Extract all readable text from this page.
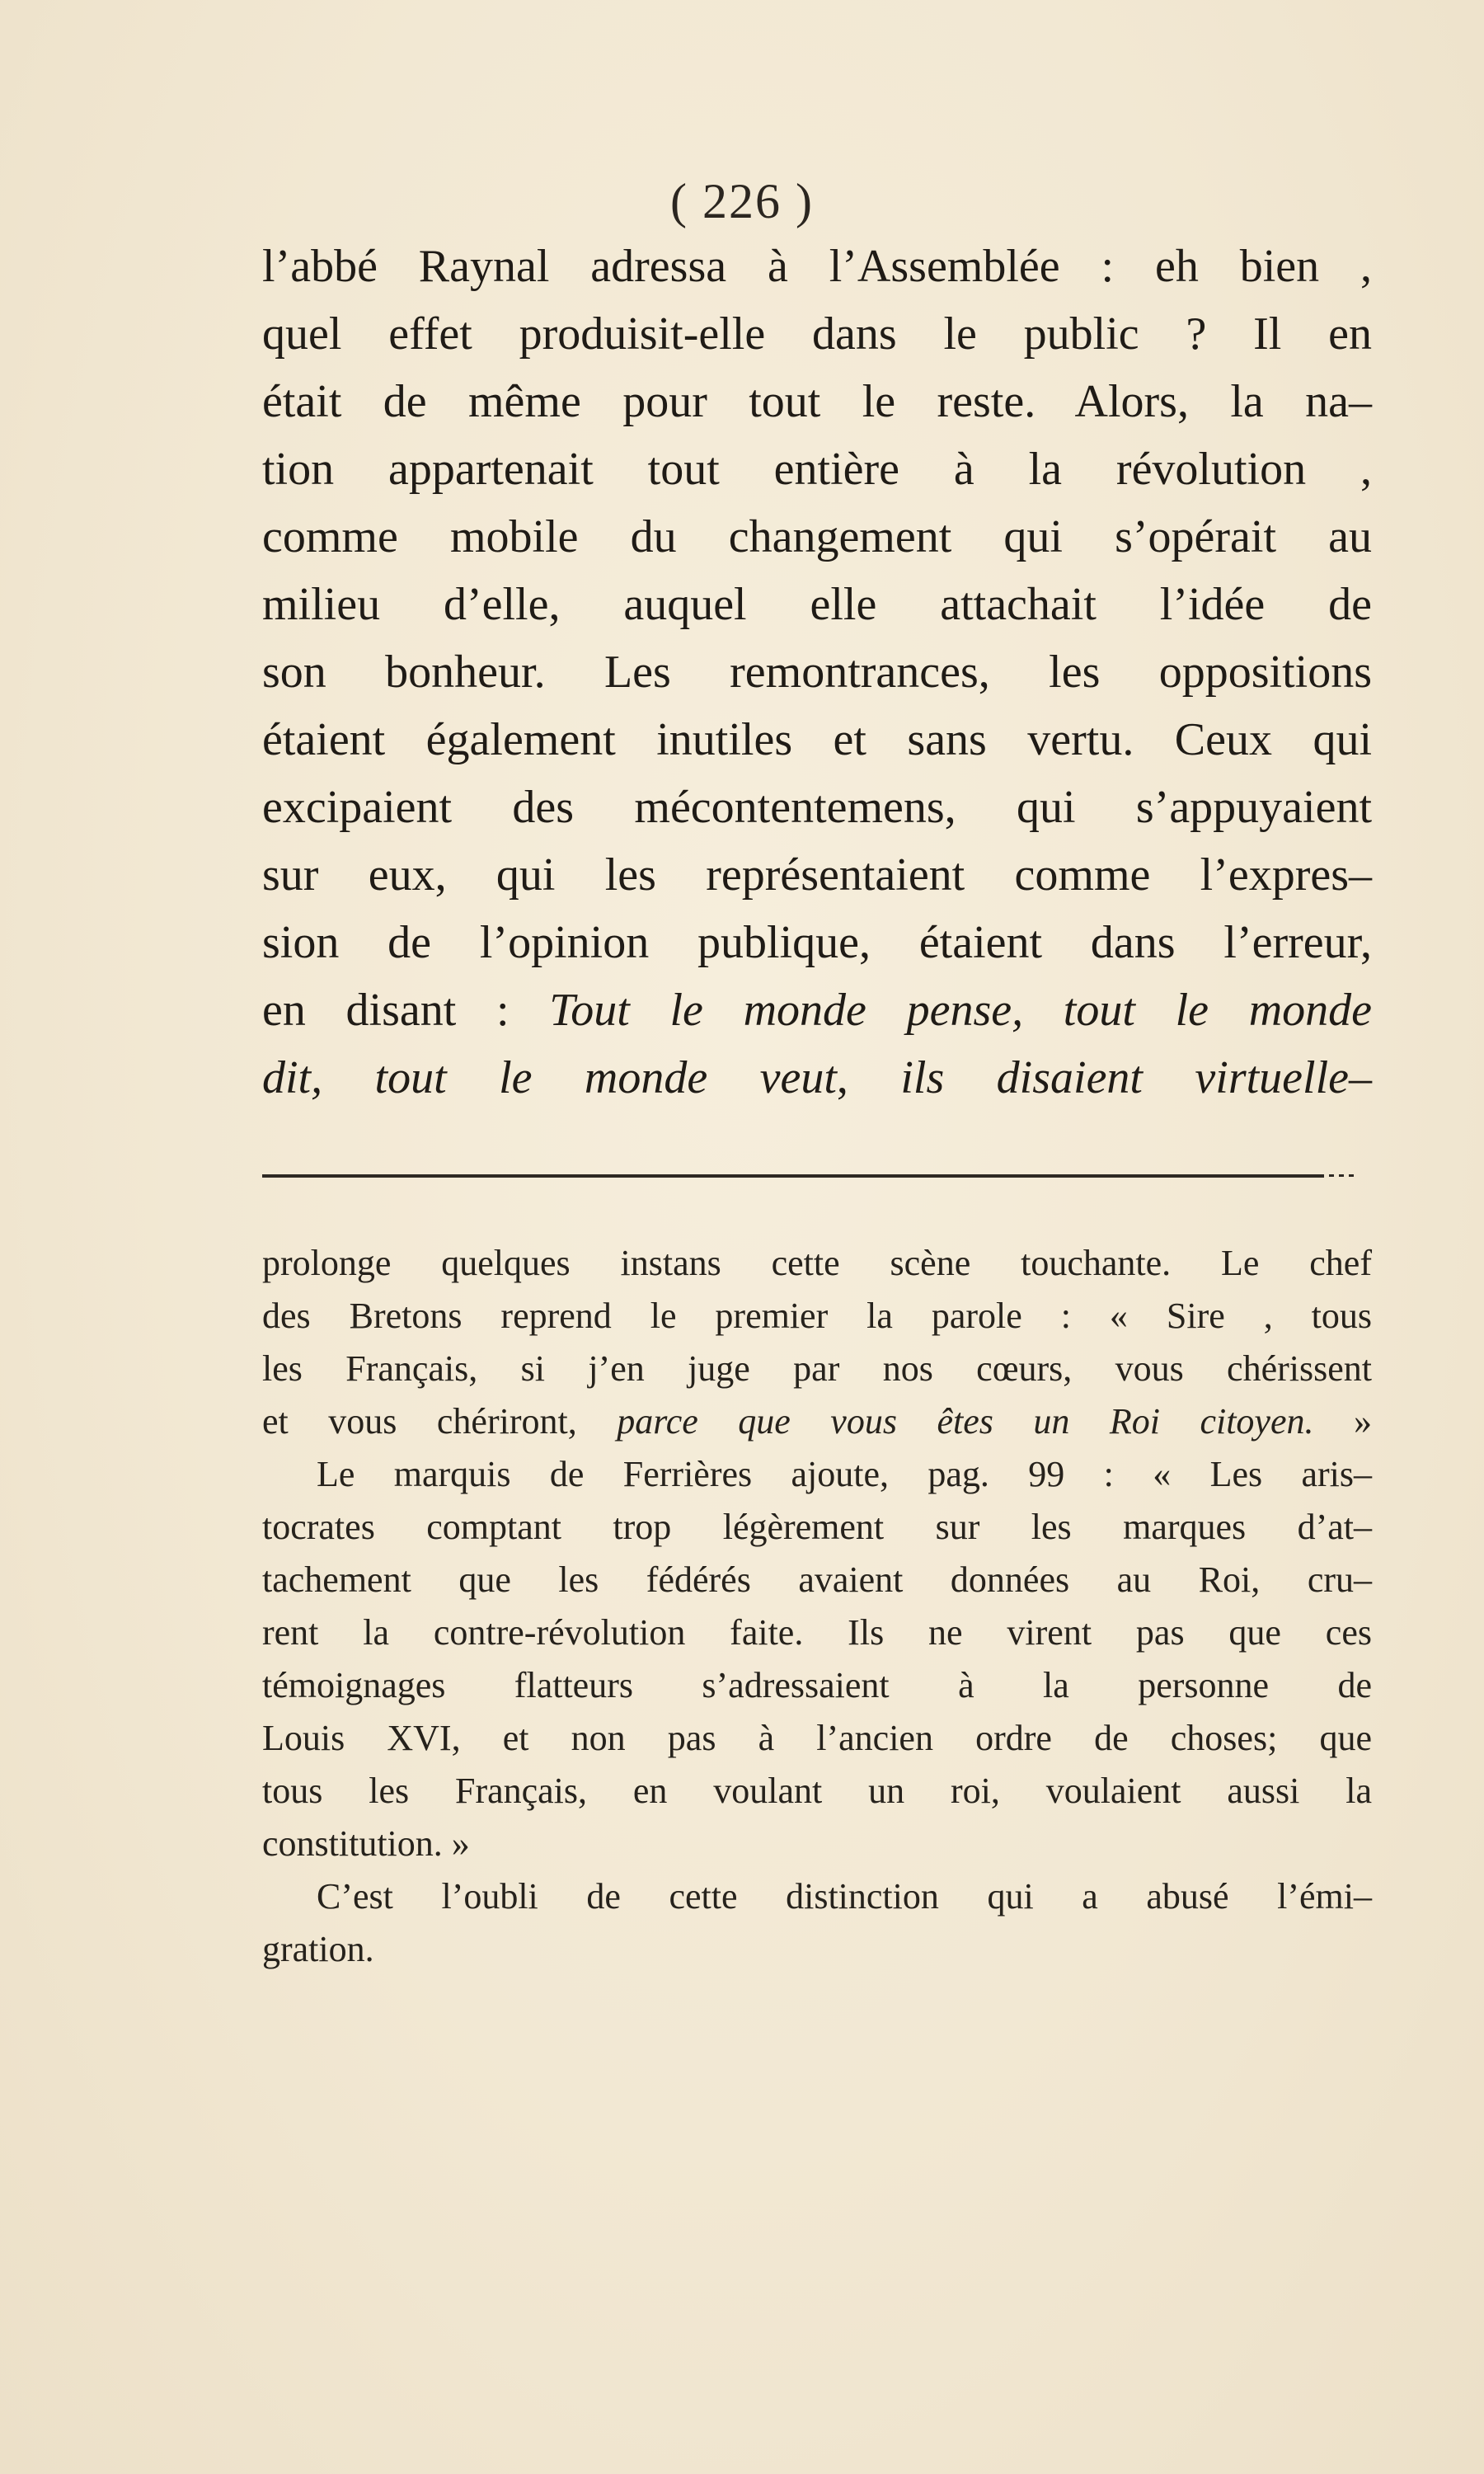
( 226 )
l’abbé Raynal adressa à l’Assemblée : eh bien ,
quel effet produisit-elle dans le public ? Il en
était de même pour tout le reste. Alors, la na–
tion appartenait tout entière à la révolution ,
comme mobile du changement qui s’opérait au
milieu d’elle, auquel elle attachait l’idée de
son bonheur. Les remontrances, les oppositions
étaient également inutiles et sans vertu. Ceux qui
excipaient des mécontentemens, qui s’appuyaient
sur eux, qui les représentaient comme l’expres–
sion de l’opinion publique, étaient dans l’erreur,
en disant : Tout le monde pense, tout le monde
dit, tout le monde veut, ils disaient virtuelle–
prolonge quelques instans cette scène touchante. Le chef
des Bretons reprend le premier la parole : « Sire , tous
les Français, si j’en juge par nos cœurs, vous chérissent
et vous chériront, parce que vous êtes un Roi citoyen. »
Le marquis de Ferrières ajoute, pag. 99 : « Les aris–
tocrates comptant trop légèrement sur les marques d’at–
tachement que les fédérés avaient données au Roi, cru–
rent la contre-révolution faite. Ils ne virent pas que ces
témoignages flatteurs s’adressaient à la personne de
Louis XVI, et non pas à l’ancien ordre de choses; que
tous les Français, en voulant un roi, voulaient aussi la
constitution. »
C’est l’oubli de cette distinction qui a abusé l’émi–
gration.
